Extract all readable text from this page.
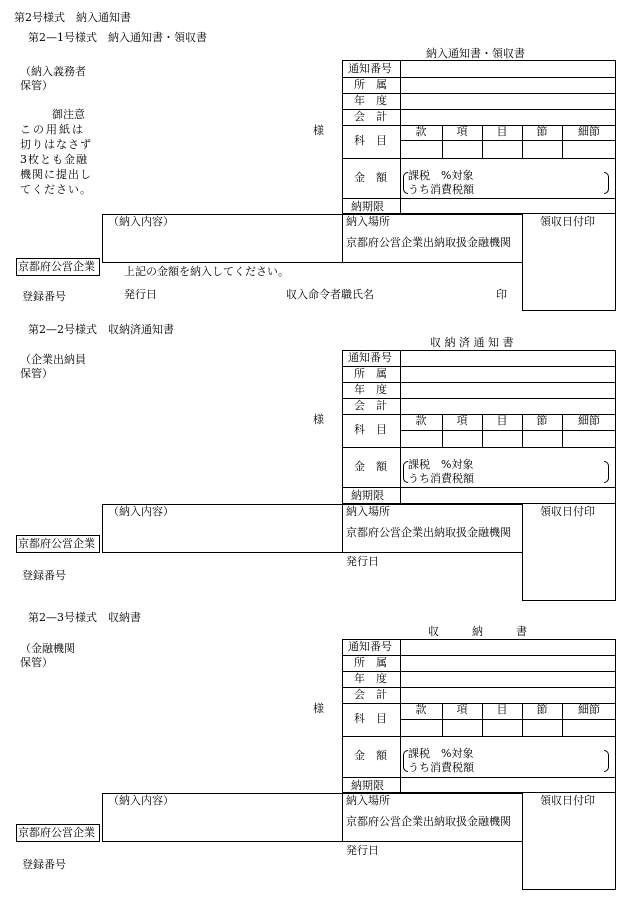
第2号様式　納入通知書
第2—1号様式　納入通知書・領収書
第2—2号様式　収納済通知書
第2—3号様式　収納書
納入通知書・領収書
（納入義務者
保管）
御注意
この用紙は
切りはなさず
3枚とも金融
機関に提出し
てください。
様
通知番号
所　属
年　度
会　計
科　目
款	項	目	節	細節
金　額 課税　%対象
うち消費税額
納期限
（納入内容）	納入場所
京都府公営企業出納取扱金融機関
領収日付印
京都府公営企業	上記の金額を納入してください。
発行日	収入命令者職氏名	印
登録番号
収 納 済 通 知 書
（企業出納員
保管）
様
通知番号
所　属
年　度
会　計
科　目
款	項	目	節	細節
金　額 課税　%対象
うち消費税額
納期限
（納入内容）	納入場所
京都府公営企業出納取扱金融機関
領収日付印
京都府公営企業
発行日
登録番号
収　　　納　　　書
（金融機関
保管）
様
通知番号
所　属
年　度
会　計
科　目
款	項	目	節	細節
金　額 課税　%対象
うち消費税額
納期限
（納入内容）	納入場所
京都府公営企業出納取扱金融機関
領収日付印
京都府公営企業
発行日
登録番号
